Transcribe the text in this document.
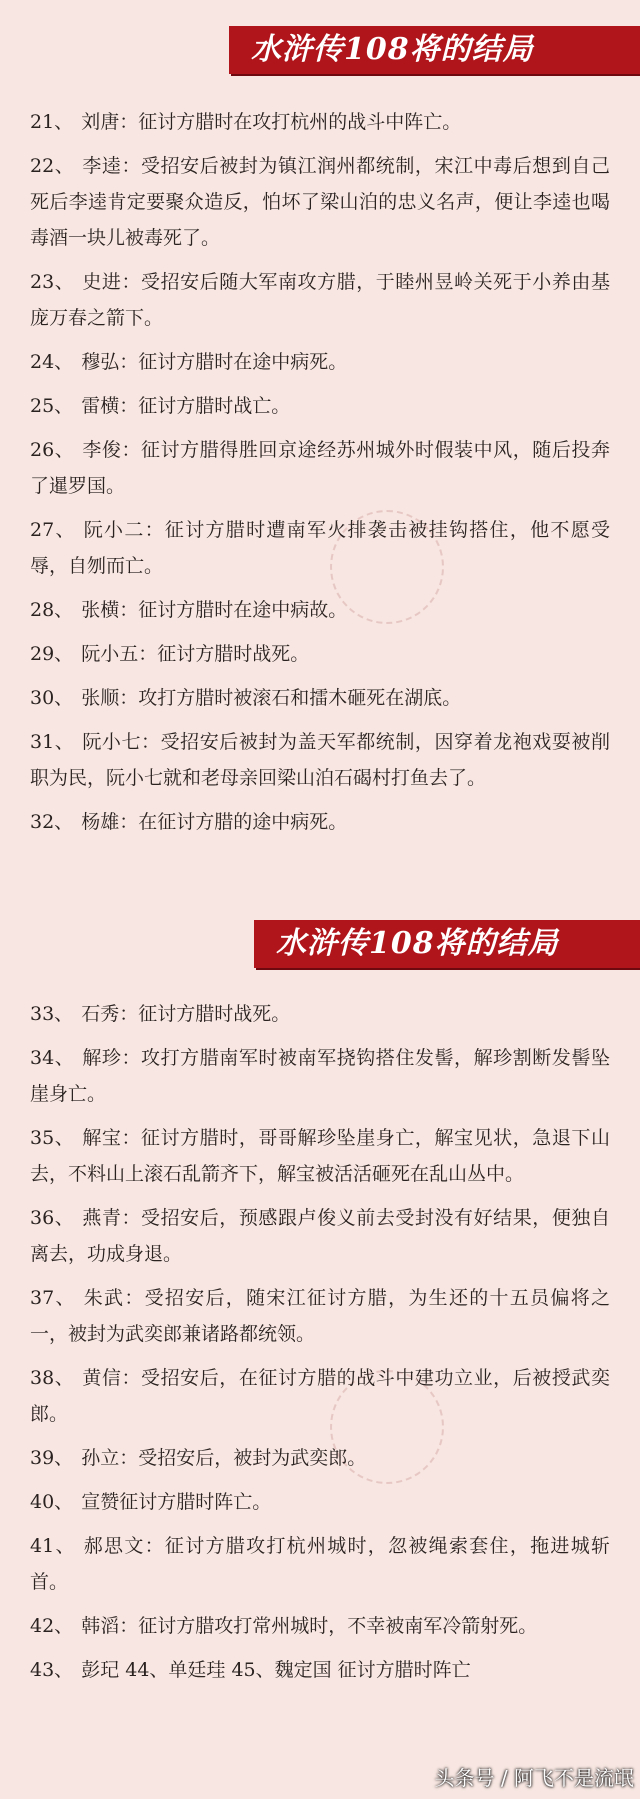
水浒传108将的结局
21、 刘唐：征讨方腊时在攻打杭州的战斗中阵亡。
22、 李逵：受招安后被封为镇江润州都统制，宋江中毒后想到自己死后李逵肯定要聚众造反，怕坏了梁山泊的忠义名声，便让李逵也喝毒酒一块儿被毒死了。
23、 史进：受招安后随大军南攻方腊，于睦州昱岭关死于小养由基庞万春之箭下。
24、 穆弘：征讨方腊时在途中病死。
25、 雷横：征讨方腊时战亡。
26、 李俊：征讨方腊得胜回京途经苏州城外时假装中风，随后投奔了暹罗国。
27、 阮小二：征讨方腊时遭南军火排袭击被挂钩搭住，他不愿受辱，自刎而亡。
28、 张横：征讨方腊时在途中病故。
29、 阮小五：征讨方腊时战死。
30、 张顺：攻打方腊时被滚石和擂木砸死在湖底。
31、 阮小七：受招安后被封为盖天军都统制，因穿着龙袍戏耍被削职为民，阮小七就和老母亲回梁山泊石碣村打鱼去了。
32、 杨雄：在征讨方腊的途中病死。
水浒传108将的结局
33、 石秀：征讨方腊时战死。
34、 解珍：攻打方腊南军时被南军挠钩搭住发髻，解珍割断发髻坠崖身亡。
35、 解宝：征讨方腊时，哥哥解珍坠崖身亡，解宝见状，急退下山去，不料山上滚石乱箭齐下，解宝被活活砸死在乱山丛中。
36、 燕青：受招安后，预感跟卢俊义前去受封没有好结果，便独自离去，功成身退。
37、 朱武：受招安后，随宋江征讨方腊，为生还的十五员偏将之一，被封为武奕郎兼诸路都统领。
38、 黄信：受招安后，在征讨方腊的战斗中建功立业，后被授武奕郎。
39、 孙立：受招安后，被封为武奕郎。
40、 宣赞征讨方腊时阵亡。
41、 郝思文：征讨方腊攻打杭州城时，忽被绳索套住，拖进城斩首。
42、 韩滔：征讨方腊攻打常州城时，不幸被南军冷箭射死。
43、 彭玘 44、单廷珪 45、魏定国 征讨方腊时阵亡
头条号 / 阿飞不是流氓
